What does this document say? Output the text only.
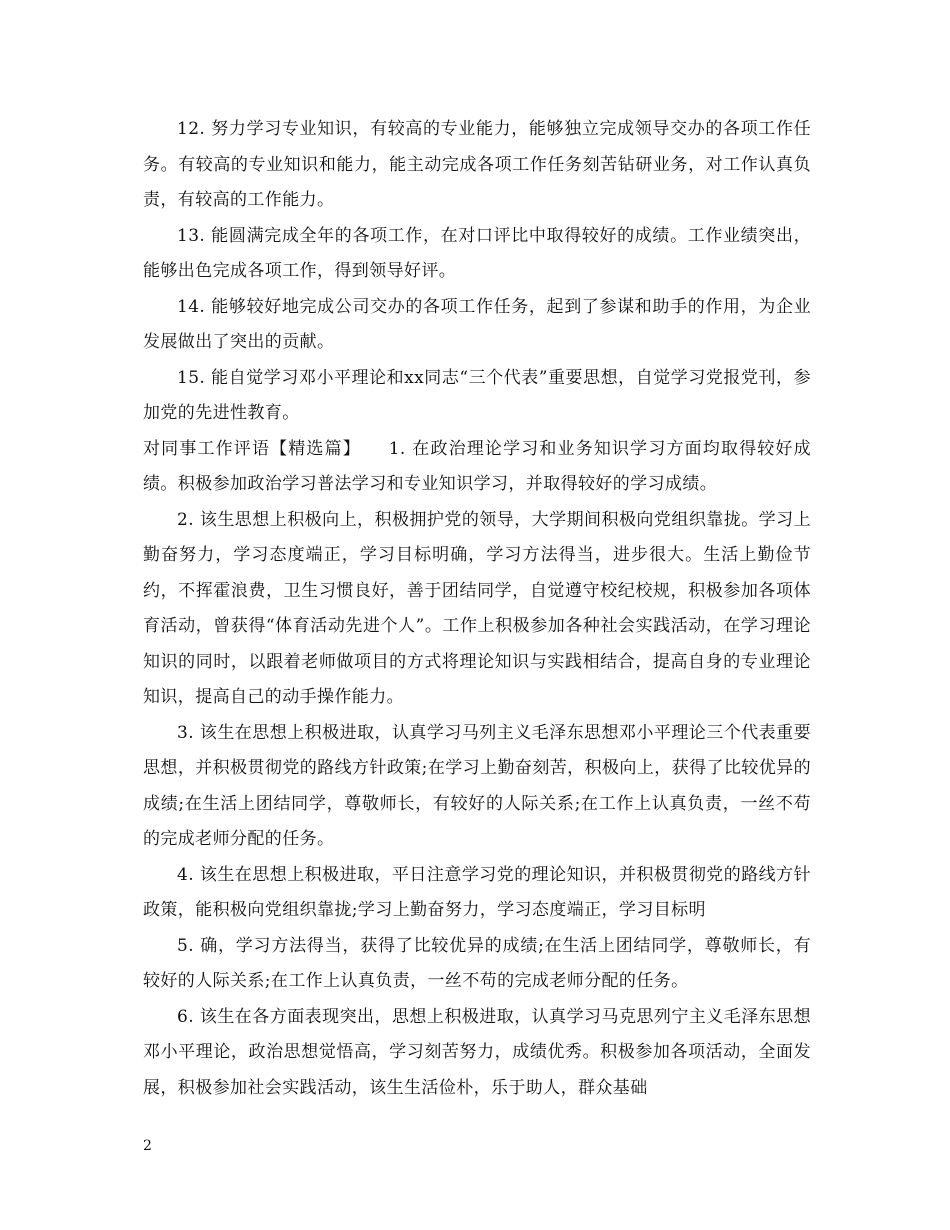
12. 努力学习专业知识，有较高的专业能力，能够独立完成领导交办的各项工作任务。有较高的专业知识和能力，能主动完成各项工作任务刻苦钻研业务，对工作认真负责，有较高的工作能力。

13. 能圆满完成全年的各项工作，在对口评比中取得较好的成绩。工作业绩突出，能够出色完成各项工作，得到领导好评。

14. 能够较好地完成公司交办的各项工作任务，起到了参谋和助手的作用，为企业发展做出了突出的贡献。

15. 能自觉学习邓小平理论和xx同志“三个代表”重要思想，自觉学习党报党刊，参加党的先进性教育。

对同事工作评语【精选篇】　　1. 在政治理论学习和业务知识学习方面均取得较好成绩。积极参加政治学习普法学习和专业知识学习，并取得较好的学习成绩。

2. 该生思想上积极向上，积极拥护党的领导，大学期间积极向党组织靠拢。学习上勤奋努力，学习态度端正，学习目标明确，学习方法得当，进步很大。生活上勤俭节约，不挥霍浪费，卫生习惯良好，善于团结同学，自觉遵守校纪校规，积极参加各项体育活动，曾获得“体育活动先进个人”。工作上积极参加各种社会实践活动，在学习理论知识的同时，以跟着老师做项目的方式将理论知识与实践相结合，提高自身的专业理论知识，提高自己的动手操作能力。

3. 该生在思想上积极进取，认真学习马列主义毛泽东思想邓小平理论三个代表重要思想，并积极贯彻党的路线方针政策;在学习上勤奋刻苦，积极向上，获得了比较优异的成绩;在生活上团结同学，尊敬师长，有较好的人际关系;在工作上认真负责，一丝不苟的完成老师分配的任务。

4. 该生在思想上积极进取，平日注意学习党的理论知识，并积极贯彻党的路线方针政策，能积极向党组织靠拢;学习上勤奋努力，学习态度端正，学习目标明

5. 确，学习方法得当，获得了比较优异的成绩;在生活上团结同学，尊敬师长，有较好的人际关系;在工作上认真负责，一丝不苟的完成老师分配的任务。

6. 该生在各方面表现突出，思想上积极进取，认真学习马克思列宁主义毛泽东思想邓小平理论，政治思想觉悟高，学习刻苦努力，成绩优秀。积极参加各项活动，全面发展，积极参加社会实践活动，该生生活俭朴，乐于助人，群众基础

2
